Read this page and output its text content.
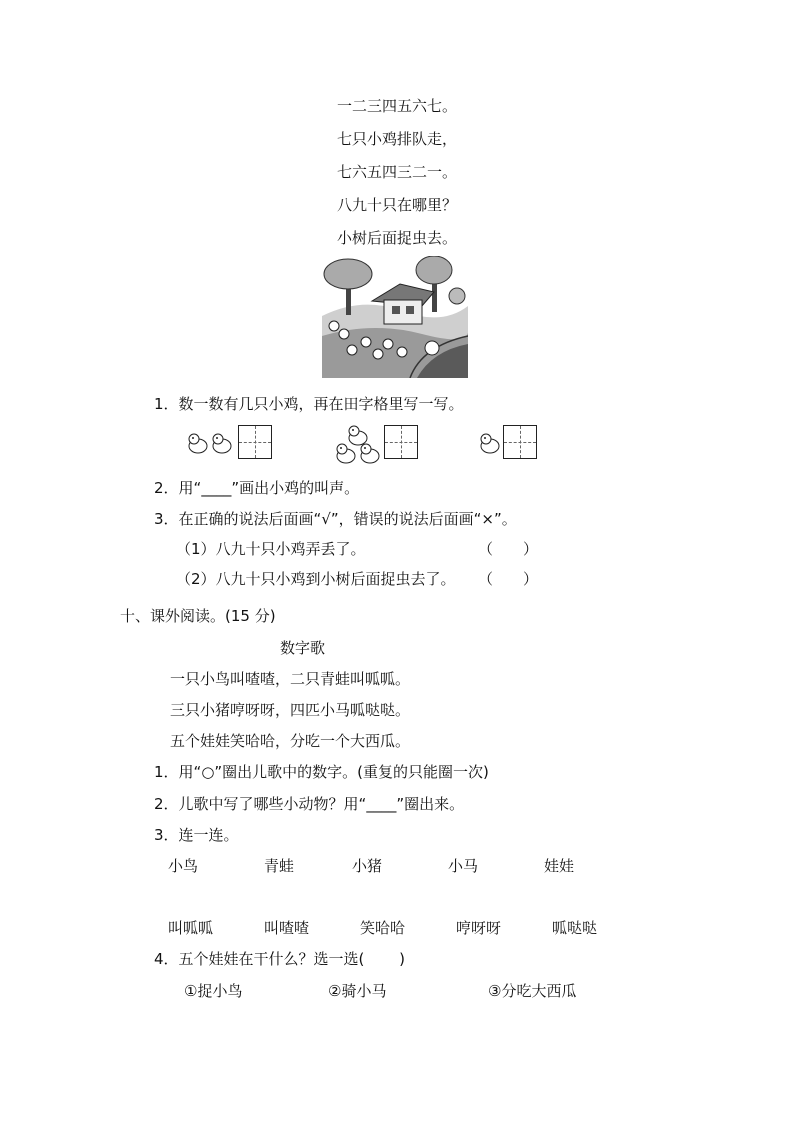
一二三四五六七。
七只小鸡排队走，
七六五四三二一。
八九十只在哪里？
小树后面捉虫去。
1．数一数有几只小鸡，再在田字格里写一写。
2．用“____”画出小鸡的叫声。
3．在正确的说法后面画“√”，错误的说法后面画“×”。
（1）八九十只小鸡弄丢了。	（　　）
（2）八九十只小鸡到小树后面捉虫去了。 （　　）
十、课外阅读。(15 分)
数字歌
一只小鸟叫喳喳，二只青蛙叫呱呱。
三只小猪哼呀呀，四匹小马呱哒哒。
五个娃娃笑哈哈，分吃一个大西瓜。
1．用“○”圈出儿歌中的数字。(重复的只能圈一次)
2．儿歌中写了哪些小动物？用“____”圈出来。
3．连一连。
小鸟	青蛙	小猪	小马	娃娃
叫呱呱	叫喳喳	笑哈哈	哼呀呀	呱哒哒
4．五个娃娃在干什么？选一选(　　 )
①捉小鸟	②骑小马	③分吃大西瓜
